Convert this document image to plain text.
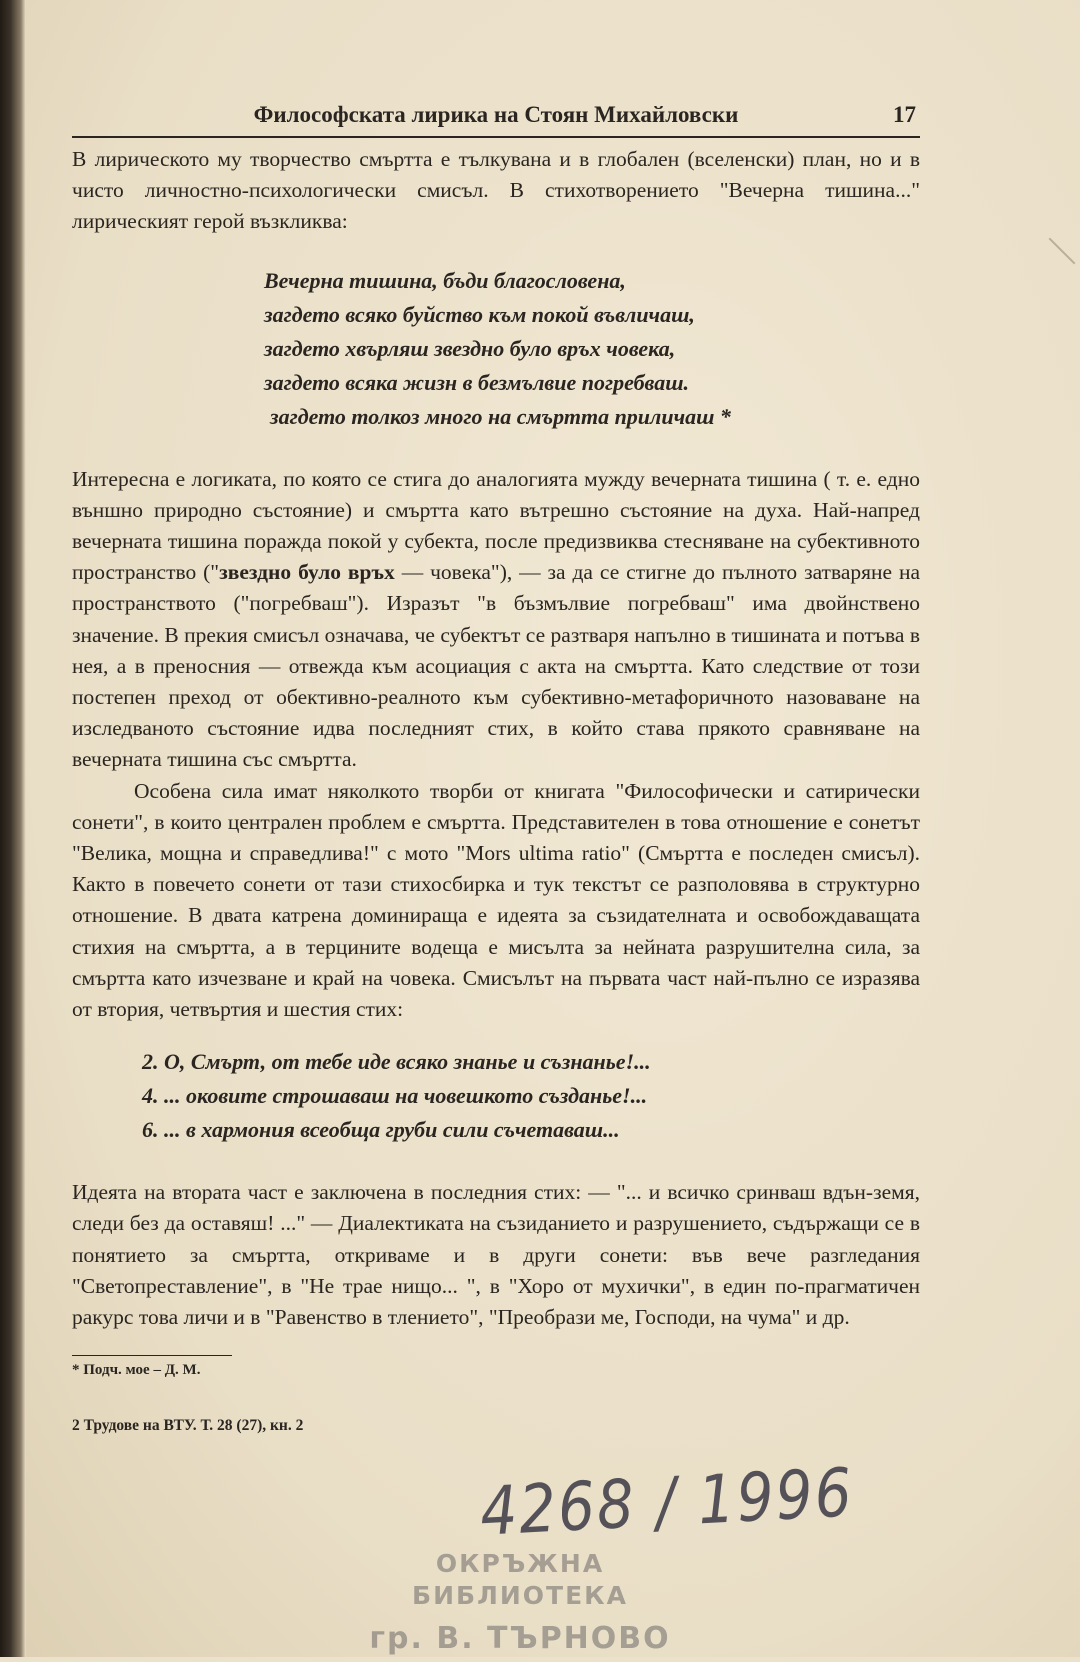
Философската лирика на Стоян Михайловски	17

В лирическото му творчество смъртта е тълкувана и в глобален (вселенски) план, но и в чисто личностно-психологически смисъл. В стихотворението "Вечерна тишина..." лирическият герой възкликва:

Вечерна тишина, бъди благословена,
загдето всяко буйство към покой въвличаш,
загдето хвърляш звездно було връх човека,
загдето всяка жизн в безмълвие погребваш.
загдето толкоз много на смъртта приличаш *

Интересна е логиката, по която се стига до аналогията мужду вечерната тишина ( т. е. едно външно природно състояние) и смъртта като вътрешно състояние на духа. Най-напред вечерната тишина поражда покой у субекта, после предизвиква стесняване на субективното пространство ("звездно було връх — човека"), — за да се стигне до пълното затваряне на пространството ("погребваш"). Изразът "в бъзмълвие погребваш" има двойнствено значение. В прекия смисъл означава, че субектът се разтваря напълно в тишината и потъва в нея, а в преносния — отвежда към асоциация с акта на смъртта. Като следствие от този постепен преход от обективно-реалното към субективно-метафоричното назоваване на изследваното състояние идва последният стих, в който става прякото сравняване на вечерната тишина със смъртта.

Особена сила имат няколкото творби от книгата "Философически и сатирически сонети", в които централен проблем е смъртта. Представителен в това отношение е сонетът "Велика, мощна и справедлива!" с мото "Mors ultima ratio" (Смъртта е последен смисъл). Както в повечето сонети от тази стихосбирка и тук текстът се разполовява в структурно отношение. В двата катрена доминираща е идеята за съзидателната и освобождаващата стихия на смъртта, а в терцините водеща е мисълта за нейната разрушителна сила, за смъртта като изчезване и край на човека. Смисълът на първата част най-пълно се изразява от втория, четвъртия и шестия стих:

2. О, Смърт, от тебе иде всяко знанье и съзнанье!...
4. ... оковите строшаваш на човешкото създанье!...
6. ... в хармония всеобща груби сили съчетаваш...

Идеята на втората част е заключена в последния стих: — "... и всичко сринваш вдън-земя, следи без да оставяш! ..." — Диалектиката на съзиданието и разрушението, съдържащи се в понятието за смъртта, откриваме и в други сонети: във вече разгледания "Светопреставление", в "Не трае нищо... ", в "Хоро от мухички", в един по-прагматичен ракурс това личи и в "Равенство в тлението", "Преобрази ме, Господи, на чума" и др.

* Подч. мое – Д. М.
2 Трудове на ВТУ. Т. 28 (27), кн. 2
4268 / 1996
ОКРЪЖНА БИБЛИОТЕКА
гр. В. ТЪРНОВО
